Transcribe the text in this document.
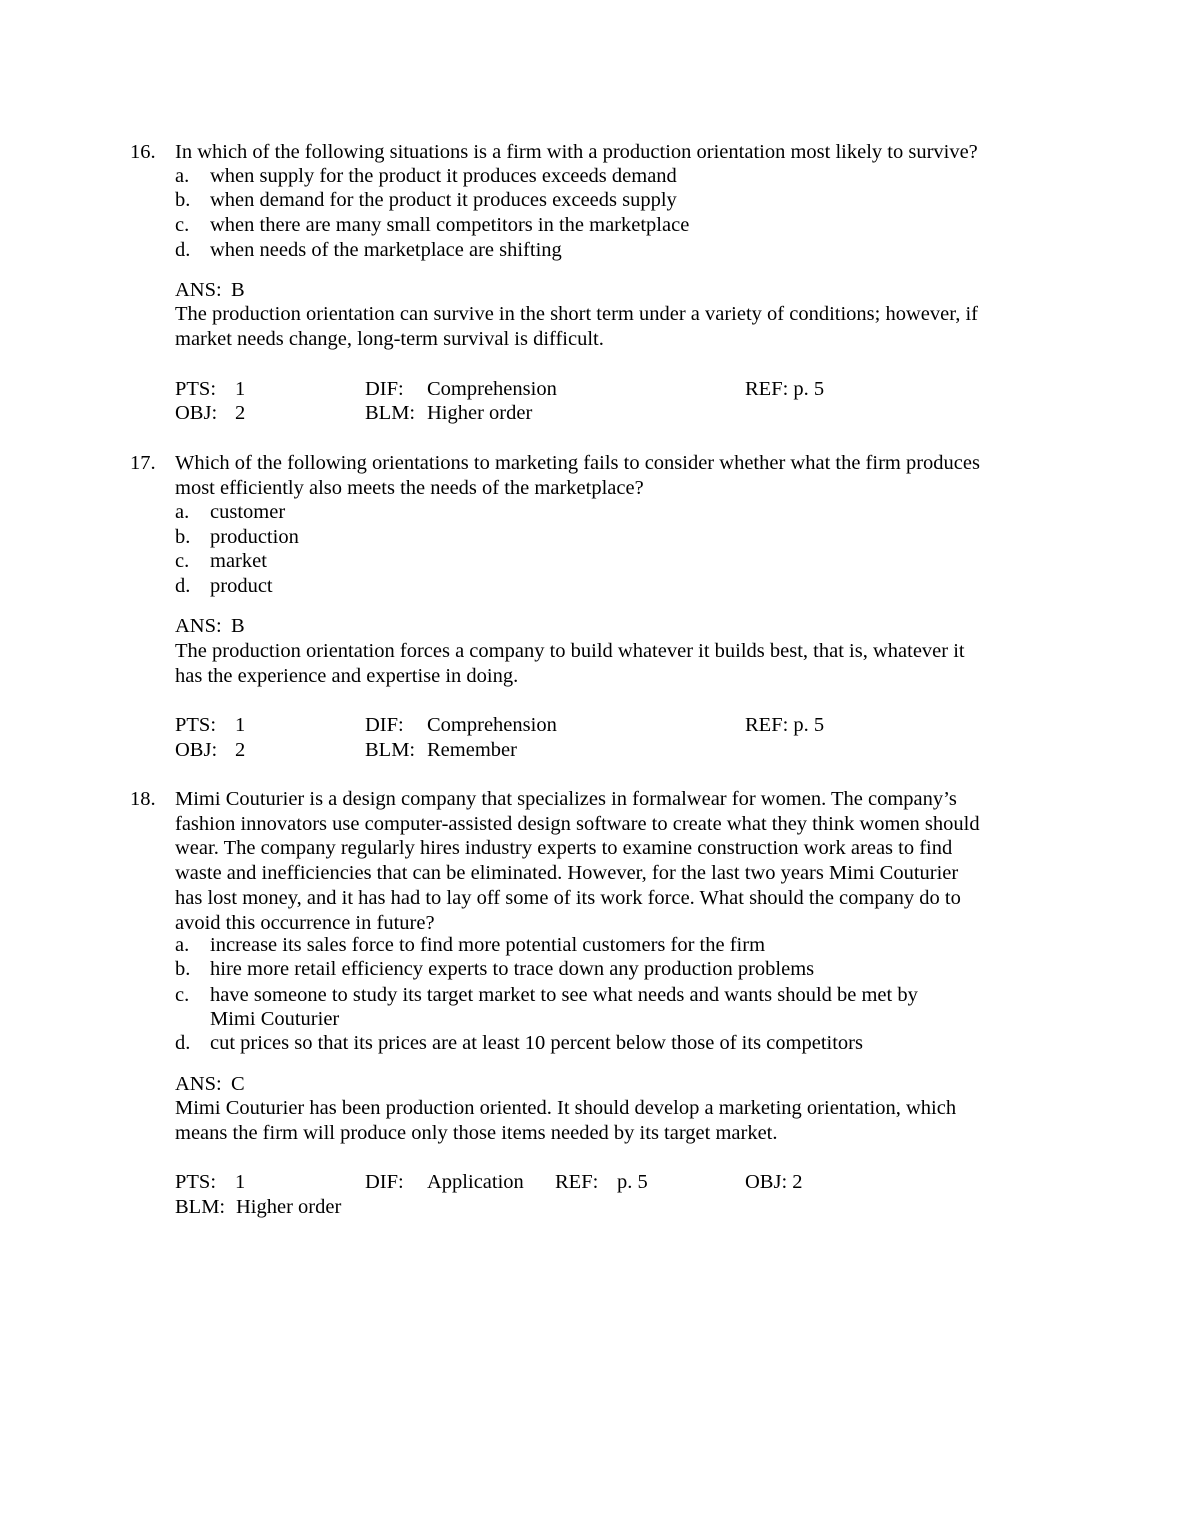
16. In which of the following situations is a firm with a production orientation most likely to survive?

a. when supply for the product it produces exceeds demand
b. when demand for the product it produces exceeds supply
c. when there are many small competitors in the marketplace
d. when needs of the marketplace are shifting
ANS: B

The production orientation can survive in the short term under a variety of conditions; however, if

market needs change, long-term survival is difficult.

PTS: 1	DIF: Comprehension	REF: p. 5
OBJ: 2	BLM: Higher order
17. Which of the following orientations to marketing fails to consider whether what the firm produces

most efficiently also meets the needs of the marketplace?

a. customer
b. production
c. market
d. product
ANS: B

The production orientation forces a company to build whatever it builds best, that is, whatever it

has the experience and expertise in doing.

PTS: 1	DIF: Comprehension	REF: p. 5
OBJ: 2	BLM: Remember
18. Mimi Couturier is a design company that specializes in formalwear for women. The company’s

fashion innovators use computer-assisted design software to create what they think women should

wear. The company regularly hires industry experts to examine construction work areas to find

waste and inefficiencies that can be eliminated. However, for the last two years Mimi Couturier

has lost money, and it has had to lay off some of its work force. What should the company do to

avoid this occurrence in future?

a. increase its sales force to find more potential customers for the firm
b. hire more retail efficiency experts to trace down any production problems
c. have someone to study its target market to see what needs and wants should be met by
Mimi Couturier
d. cut prices so that its prices are at least 10 percent below those of its competitors
ANS: C

Mimi Couturier has been production oriented. It should develop a marketing orientation, which

means the firm will produce only those items needed by its target market.

PTS: 1	DIF: Application REF: p. 5	OBJ: 2
BLM: Higher order
